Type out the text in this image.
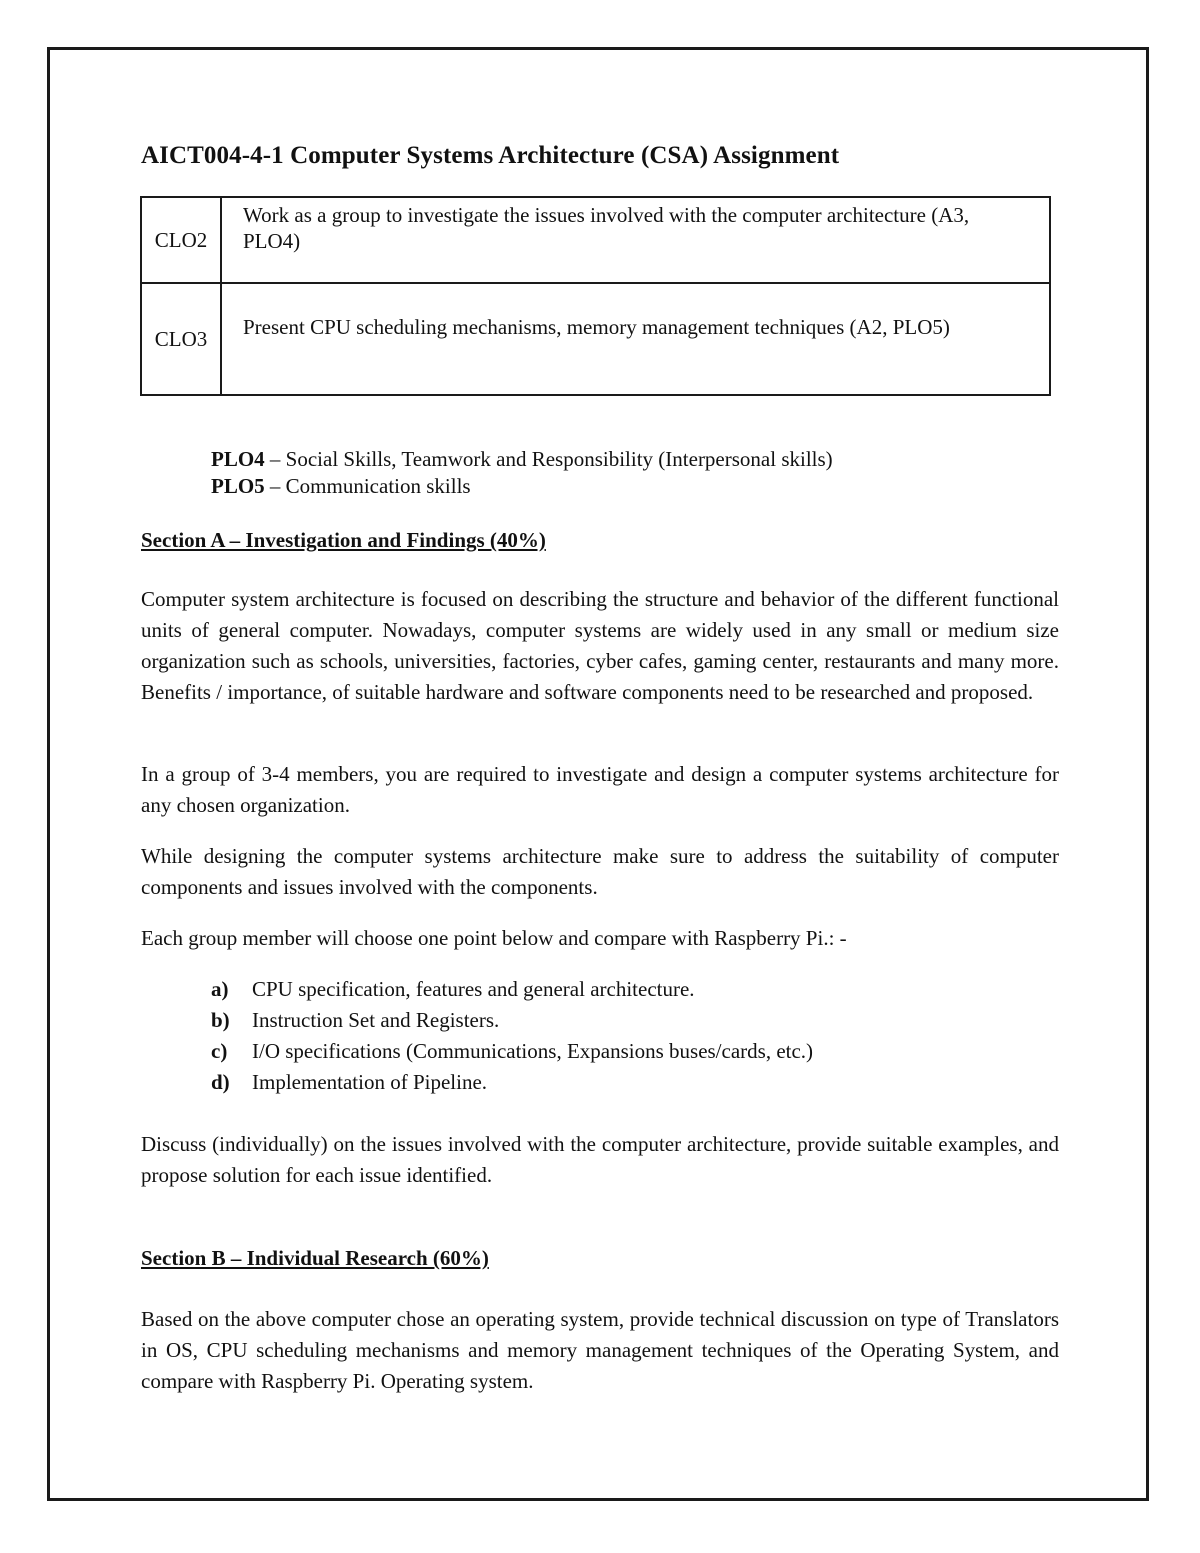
AICT004-4-1 Computer Systems Architecture (CSA) Assignment
CLO2	Work as a group to investigate the issues involved with the computer architecture (A3, PLO4)
CLO3	Present CPU scheduling mechanisms, memory management techniques (A2, PLO5)
PLO4 – Social Skills, Teamwork and Responsibility (Interpersonal skills)
PLO5 – Communication skills
Section A – Investigation and Findings (40%)

Computer system architecture is focused on describing the structure and behavior of the different functional units of general computer. Nowadays, computer systems are widely used in any small or medium size organization such as schools, universities, factories, cyber cafes, gaming center, restaurants and many more. Benefits / importance, of suitable hardware and software components need to be researched and proposed.

In a group of 3-4 members, you are required to investigate and design a computer systems architecture for any chosen organization.

While designing the computer systems architecture make sure to address the suitability of computer components and issues involved with the components.

Each group member will choose one point below and compare with Raspberry Pi.: -

a)	CPU specification, features and general architecture.
b)	Instruction Set and Registers.
c)	I/O specifications (Communications, Expansions buses/cards, etc.)
d)	Implementation of Pipeline.

Discuss (individually) on the issues involved with the computer architecture, provide suitable examples, and propose solution for each issue identified.

Section B – Individual Research (60%)

Based on the above computer chose an operating system, provide technical discussion on type of Translators in OS, CPU scheduling mechanisms and memory management techniques of the Operating System, and compare with Raspberry Pi. Operating system.
